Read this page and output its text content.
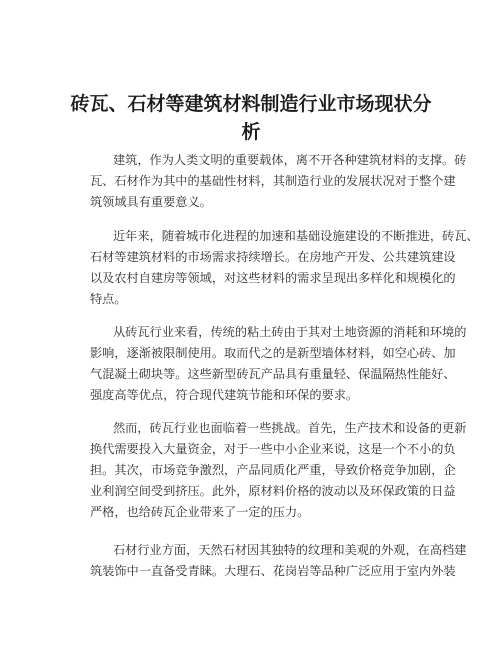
砖瓦、石材等建筑材料制造行业市场现状分
析
建筑，作为人类文明的重要载体，离不开各种建筑材料的支撑。砖
瓦、石材作为其中的基础性材料，其制造行业的发展状况对于整个建
筑领域具有重要意义。
近年来，随着城市化进程的加速和基础设施建设的不断推进，砖瓦、
石材等建筑材料的市场需求持续增长。在房地产开发、公共建筑建设
以及农村自建房等领域，对这些材料的需求呈现出多样化和规模化的
特点。
从砖瓦行业来看，传统的粘土砖由于其对土地资源的消耗和环境的
影响，逐渐被限制使用。取而代之的是新型墙体材料，如空心砖、加
气混凝土砌块等。这些新型砖瓦产品具有重量轻、保温隔热性能好、
强度高等优点，符合现代建筑节能和环保的要求。
然而，砖瓦行业也面临着一些挑战。首先，生产技术和设备的更新
换代需要投入大量资金，对于一些中小企业来说，这是一个不小的负
担。其次，市场竞争激烈，产品同质化严重，导致价格竞争加剧，企
业利润空间受到挤压。此外，原材料价格的波动以及环保政策的日益
严格，也给砖瓦企业带来了一定的压力。
石材行业方面，天然石材因其独特的纹理和美观的外观，在高档建
筑装饰中一直备受青睐。大理石、花岗岩等品种广泛应用于室内外装
